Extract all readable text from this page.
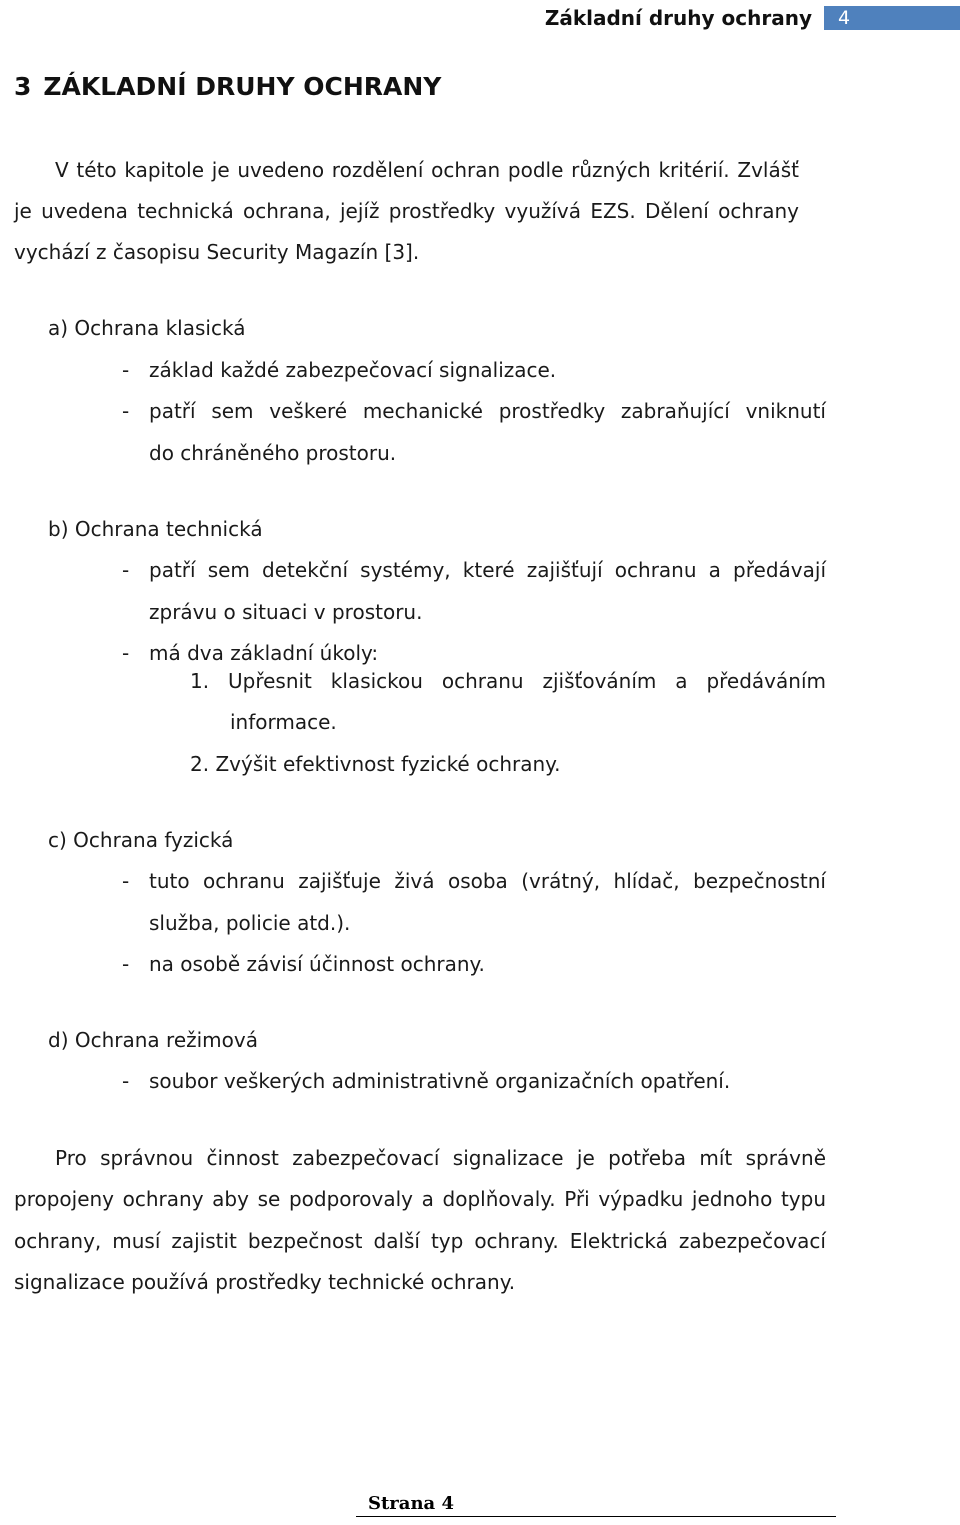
Základní druhy ochrany	4
3 ZÁKLADNÍ DRUHY OCHRANY
V této kapitole je uvedeno rozdělení ochran podle různých kritérií. Zvlášť
je uvedena technická ochrana, jejíž prostředky využívá EZS. Dělení ochrany
vychází z časopisu Security Magazín [3].
a) Ochrana klasická
- základ každé zabezpečovací signalizace.
- patří sem veškeré mechanické prostředky zabraňující vniknutí
do chráněného prostoru.
b) Ochrana technická
- patří sem detekční systémy, které zajišťují ochranu a předávají
zprávu o situaci v prostoru.
- má dva základní úkoly:
1. Upřesnit klasickou ochranu zjišťováním a předáváním
informace.
2. Zvýšit efektivnost fyzické ochrany.
c) Ochrana fyzická
- tuto ochranu zajišťuje živá osoba (vrátný, hlídač, bezpečnostní
služba, policie atd.).
- na osobě závisí účinnost ochrany.
d) Ochrana režimová
- soubor veškerých administrativně organizačních opatření.
Pro správnou činnost zabezpečovací signalizace je potřeba mít správně
propojeny ochrany aby se podporovaly a doplňovaly. Při výpadku jednoho typu
ochrany, musí zajistit bezpečnost další typ ochrany. Elektrická zabezpečovací
signalizace používá prostředky technické ochrany.
Strana 4
